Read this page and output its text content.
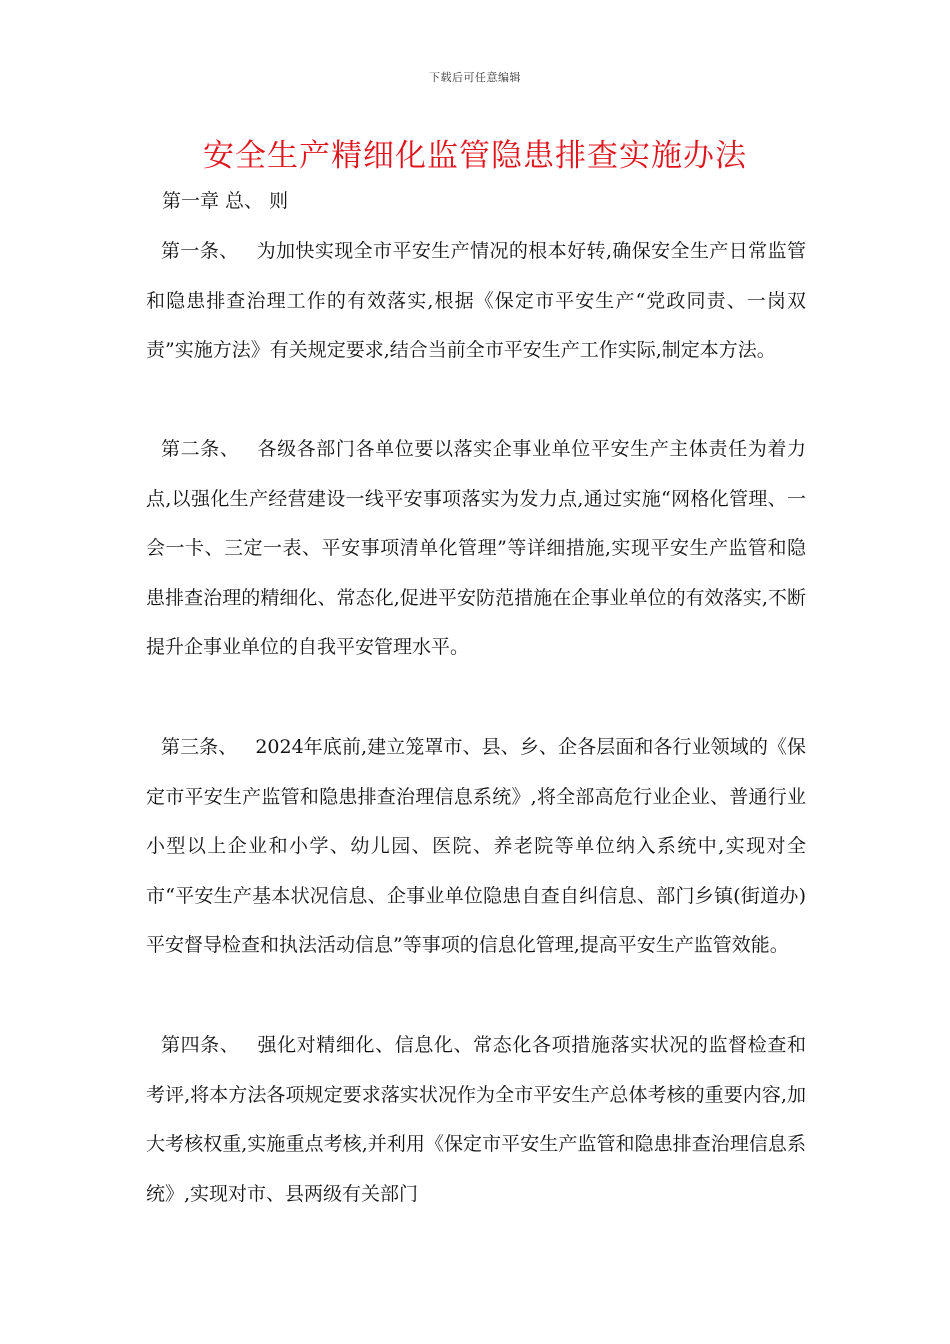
下载后可任意编辑
安全生产精细化监管隐患排查实施办法
第一章 总、 则

第一条、 为加快实现全市平安生产情况的根本好转,确保安全生产日常监管和隐患排查治理工作的有效落实,根据《保定市平安生产“党政同责、一岗双责”实施方法》有关规定要求,结合当前全市平安生产工作实际,制定本方法。

第二条、 各级各部门各单位要以落实企事业单位平安生产主体责任为着力点,以强化生产经营建设一线平安事项落实为发力点,通过实施“网格化管理、一会一卡、三定一表、平安事项清单化管理”等详细措施,实现平安生产监管和隐患排查治理的精细化、常态化,促进平安防范措施在企事业单位的有效落实,不断提升企事业单位的自我平安管理水平。

第三条、 2024年底前,建立笼罩市、县、乡、企各层面和各行业领域的《保定市平安生产监管和隐患排查治理信息系统》,将全部高危行业企业、普通行业小型以上企业和小学、幼儿园、医院、养老院等单位纳入系统中,实现对全市“平安生产基本状况信息、企事业单位隐患自查自纠信息、部门乡镇(街道办)平安督导检查和执法活动信息”等事项的信息化管理,提高平安生产监管效能。

第四条、 强化对精细化、信息化、常态化各项措施落实状况的监督检查和考评,将本方法各项规定要求落实状况作为全市平安生产总体考核的重要内容,加大考核权重,实施重点考核,并利用《保定市平安生产监管和隐患排查治理信息系统》,实现对市、县两级有关部门
